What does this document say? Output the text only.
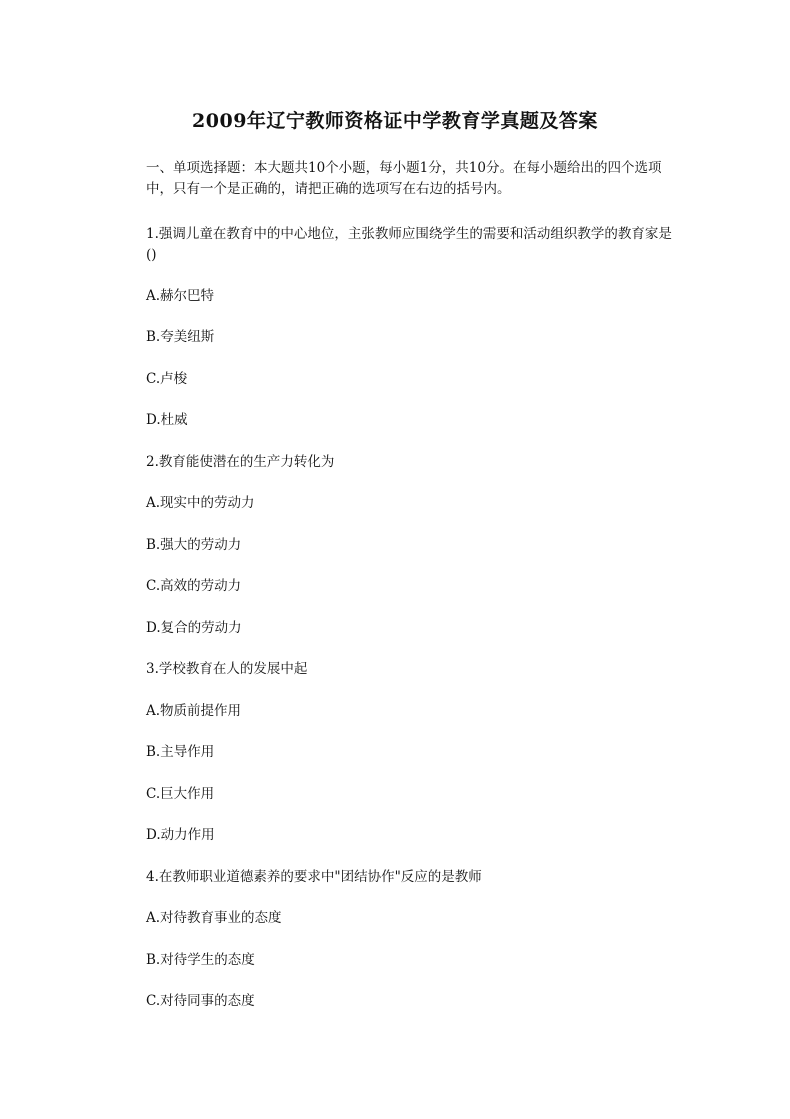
2009年辽宁教师资格证中学教育学真题及答案
一、单项选择题：本大题共10个小题，每小题1分，共10分。在每小题给出的四个选项中，只有一个是正确的，请把正确的选项写在右边的括号内。
1.强调儿童在教育中的中心地位，主张教师应围绕学生的需要和活动组织教学的教育家是()
A.赫尔巴特
B.夸美纽斯
C.卢梭
D.杜威
2.教育能使潜在的生产力转化为
A.现实中的劳动力
B.强大的劳动力
C.高效的劳动力
D.复合的劳动力
3.学校教育在人的发展中起
A.物质前提作用
B.主导作用
C.巨大作用
D.动力作用
4.在教师职业道德素养的要求中"团结协作"反应的是教师
A.对待教育事业的态度
B.对待学生的态度
C.对待同事的态度
